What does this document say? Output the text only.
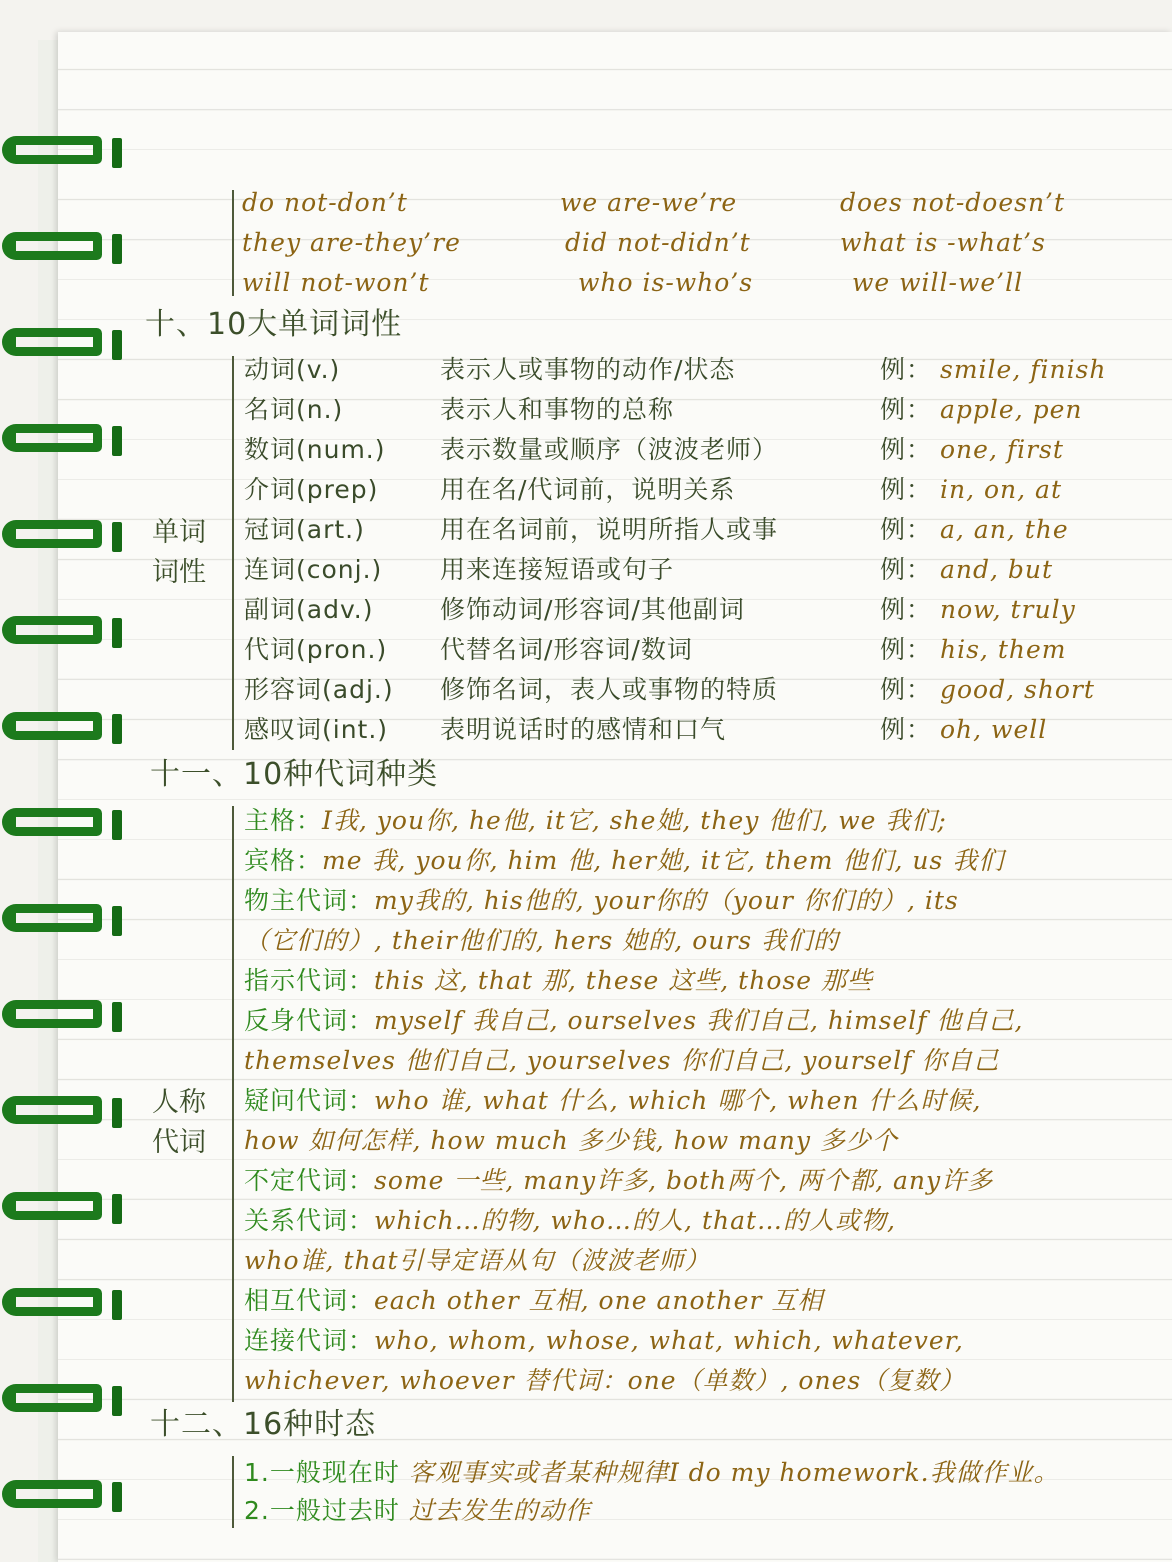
do not-don’t	we are-we’re	does not-doesn’t
they are-they’re	did not-didn’t	what is -what’s
will not-won’t	who is-who’s	we will-we’ll
十、10大单词词性
单词
词性
动词(v.)	表示人或事物的动作/状态	例： smile, finish
名词(n.)	表示人和事物的总称	例： apple, pen
数词(num.) 表示数量或顺序（波波老师）	例： one, first
介词(prep) 用在名/代词前，说明关系	例： in, on, at
冠词(art.)	用在名词前，说明所指人或事	例： a, an, the
连词(conj.) 用来连接短语或句子	例： and, but
副词(adv.)	修饰动词/形容词/其他副词	例： now, truly
代词(pron.) 代替名词/形容词/数词	例： his, them
形容词(adj.) 修饰名词，表人或事物的特质	例： good, short
感叹词(int.) 表明说话时的感情和口气	例： oh, well
十一、10种代词种类
人称
代词
主格：I我, you你, he他, it它, she她, they 他们, we 我们;
宾格：me 我, you你, him 他, her她, it它, them 他们, us 我们
物主代词：my我的, his他的, your你的（your 你们的）, its
（它们的）, their他们的, hers 她的, ours 我们的
指示代词：this 这, that 那, these 这些, those 那些
反身代词：myself 我自己, ourselves 我们自己, himself 他自己,
themselves 他们自己, yourselves 你们自己, yourself 你自己
疑问代词：who 谁, what 什么, which 哪个, when 什么时候,
how 如何怎样, how much 多少钱, how many 多少个
不定代词：some 一些, many许多, both两个, 两个都, any许多
关系代词：which…的物, who…的人, that…的人或物,
who谁, that引导定语从句（波波老师）
相互代词：each other 互相, one another 互相
连接代词：who, whom, whose, what, which, whatever,
whichever, whoever 替代词：one（单数）, ones（复数）
十二、16种时态
1.一般现在时 客观事实或者某种规律I do my homework.我做作业。
2.一般过去时 过去发生的动作
